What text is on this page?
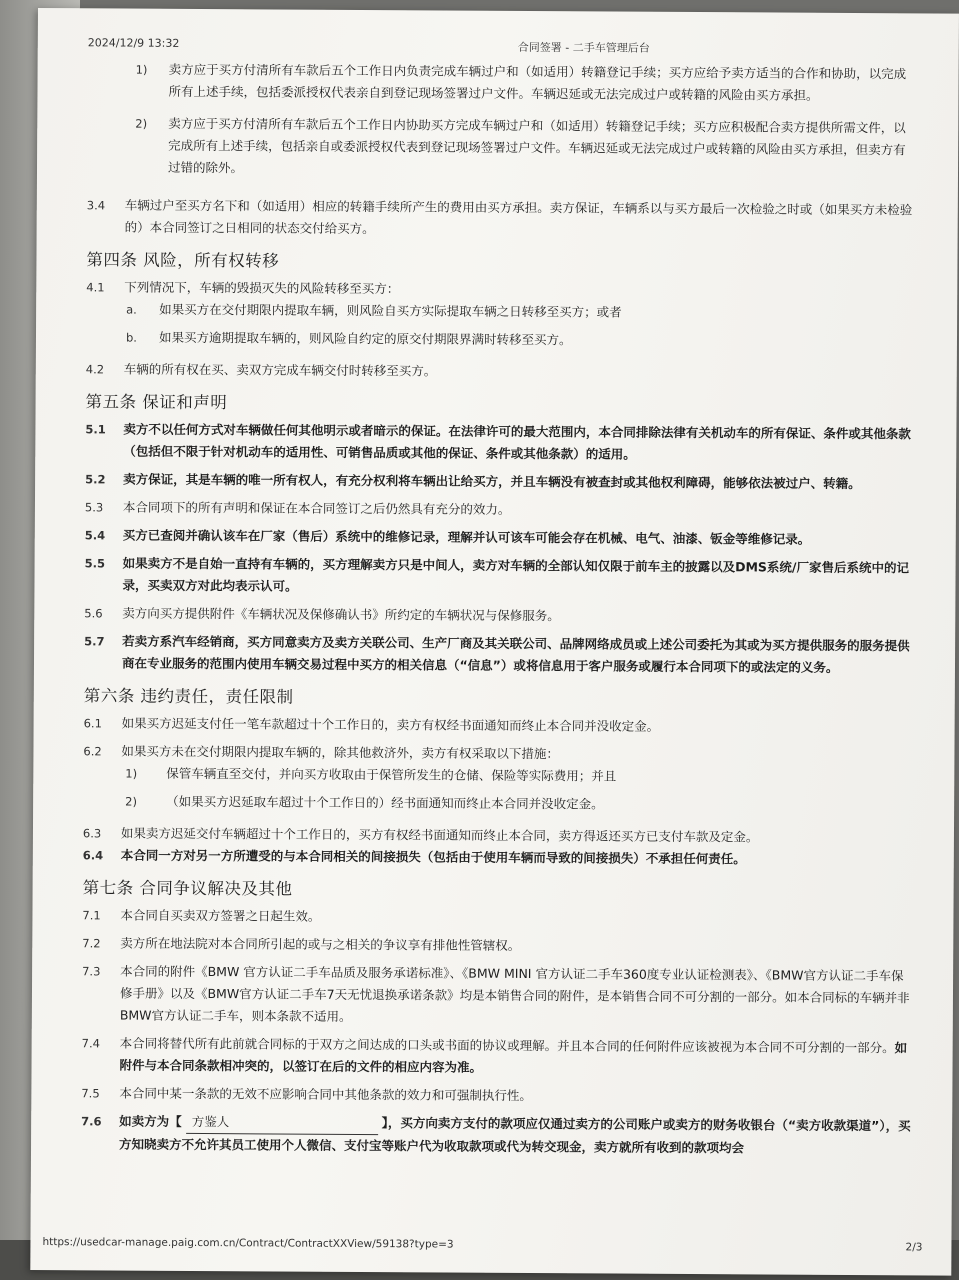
2024/12/9 13:32	合同签署 - 二手车管理后台
1) 卖方应于买方付清所有车款后五个工作日内负责完成车辆过户和（如适用）转籍登记手续；买方应给予卖方适当的合作和协助，以完成所有上述手续，包括委派授权代表亲自到登记现场签署过户文件。车辆迟延或无法完成过户或转籍的风险由买方承担。
2) 卖方应于买方付清所有车款后五个工作日内协助买方完成车辆过户和（如适用）转籍登记手续；买方应积极配合卖方提供所需文件，以完成所有上述手续，包括亲自或委派授权代表到登记现场签署过户文件。车辆迟延或无法完成过户或转籍的风险由买方承担，但卖方有过错的除外。
3.4 车辆过户至买方名下和（如适用）相应的转籍手续所产生的费用由买方承担。卖方保证，车辆系以与买方最后一次检验之时或（如果买方未检验的）本合同签订之日相同的状态交付给买方。
第四条 风险，所有权转移
4.1 下列情况下，车辆的毁损灭失的风险转移至买方：
a. 如果买方在交付期限内提取车辆，则风险自买方实际提取车辆之日转移至买方；或者
b. 如果买方逾期提取车辆的，则风险自约定的原交付期限界满时转移至买方。
4.2 车辆的所有权在买、卖双方完成车辆交付时转移至买方。
第五条 保证和声明
5.1 卖方不以任何方式对车辆做任何其他明示或者暗示的保证。在法律许可的最大范围内，本合同排除法律有关机动车的所有保证、条件或其他条款（包括但不限于针对机动车的适用性、可销售品质或其他的保证、条件或其他条款）的适用。
5.2 卖方保证，其是车辆的唯一所有权人，有充分权利将车辆出让给买方，并且车辆没有被查封或其他权利障碍，能够依法被过户、转籍。
5.3 本合同项下的所有声明和保证在本合同签订之后仍然具有充分的效力。
5.4 买方已查阅并确认该车在厂家（售后）系统中的维修记录，理解并认可该车可能会存在机械、电气、油漆、钣金等维修记录。
5.5 如果卖方不是自始一直持有车辆的，买方理解卖方只是中间人，卖方对车辆的全部认知仅限于前车主的披露以及DMS系统/厂家售后系统中的记录，买卖双方对此均表示认可。
5.6 卖方向买方提供附件《车辆状况及保修确认书》所约定的车辆状况与保修服务。
5.7 若卖方系汽车经销商，买方同意卖方及卖方关联公司、生产厂商及其关联公司、品牌网络成员或上述公司委托为其或为买方提供服务的服务提供商在专业服务的范围内使用车辆交易过程中买方的相关信息（“信息”）或将信息用于客户服务或履行本合同项下的或法定的义务。
第六条 违约责任，责任限制
6.1 如果买方迟延支付任一笔车款超过十个工作日的，卖方有权经书面通知而终止本合同并没收定金。
6.2 如果买方未在交付期限内提取车辆的，除其他救济外，卖方有权采取以下措施：
1) 保管车辆直至交付，并向买方收取由于保管所发生的仓储、保险等实际费用；并且
2) （如果买方迟延取车超过十个工作日的）经书面通知而终止本合同并没收定金。
6.3 如果卖方迟延交付车辆超过十个工作日的，买方有权经书面通知而终止本合同，卖方得返还买方已支付车款及定金。
6.4 本合同一方对另一方所遭受的与本合同相关的间接损失（包括由于使用车辆而导致的间接损失）不承担任何责任。
第七条 合同争议解决及其他
7.1 本合同自买卖双方签署之日起生效。
7.2 卖方所在地法院对本合同所引起的或与之相关的争议享有排他性管辖权。
7.3 本合同的附件《BMW 官方认证二手车品质及服务承诺标准》、《BMW MINI 官方认证二手车360度专业认证检测表》、《BMW官方认证二手车保修手册》以及《BMW官方认证二手车7天无忧退换承诺条款》均是本销售合同的附件，是本销售合同不可分割的一部分。如本合同标的车辆并非BMW官方认证二手车，则本条款不适用。
7.4 本合同将替代所有此前就合同标的于双方之间达成的口头或书面的协议或理解。并且本合同的任何附件应该被视为本合同不可分割的一部分。如附件与本合同条款相冲突的，以签订在后的文件的相应内容为准。
7.5 本合同中某一条款的无效不应影响合同中其他条款的效力和可强制执行性。
7.6 如卖方为【 方鉴人	】，买方向卖方支付的款项应仅通过卖方的公司账户或卖方的财务收银台（“卖方收款渠道”），买方知晓卖方不允许其员工使用个人微信、支付宝等账户代为收取款项或代为转交现金，卖方就所有收到的款项均会
https://usedcar-manage.paig.com.cn/Contract/ContractXXView/59138?type=3	2/3
